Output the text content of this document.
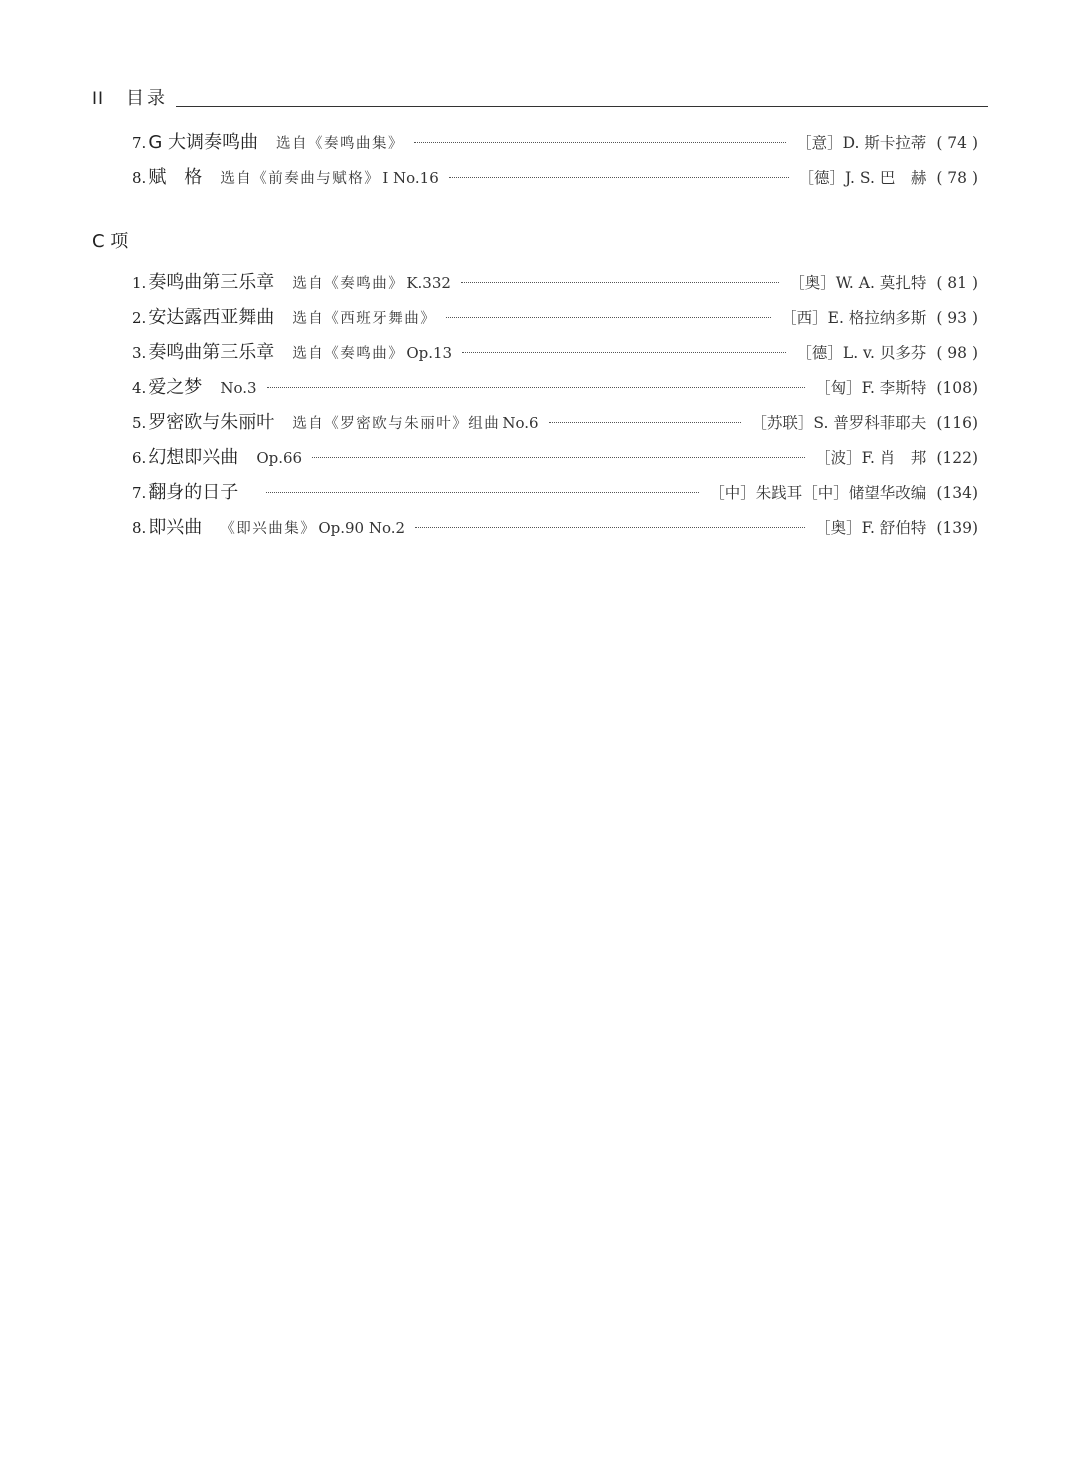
II 目录
7. G 大调奏鸣曲 选自《奏鸣曲集》	［意］D. 斯卡拉蒂 ( 74 )
8. 赋　格 选自《前奏曲与赋格》 I No.16	［德］J. S. 巴　赫 ( 78 )
C 项
1. 奏鸣曲第三乐章 选自《奏鸣曲》 K.332	［奥］W. A. 莫扎特 ( 81 )
2. 安达露西亚舞曲 选自《西班牙舞曲》	［西］E. 格拉纳多斯 ( 93 )
3. 奏鸣曲第三乐章 选自《奏鸣曲》 Op.13	［德］L. v. 贝多芬 ( 98 )
4. 爱之梦 No.3	［匈］F. 李斯特 (108)
5. 罗密欧与朱丽叶 选自《罗密欧与朱丽叶》组曲 No.6	［苏联］S. 普罗科菲耶夫 (116)
6. 幻想即兴曲 Op.66	［波］F. 肖　邦 (122)
7. 翻身的日子	［中］朱践耳［中］储望华改编 (134)
8. 即兴曲 《即兴曲集》 Op.90 No.2	［奥］F. 舒伯特 (139)
